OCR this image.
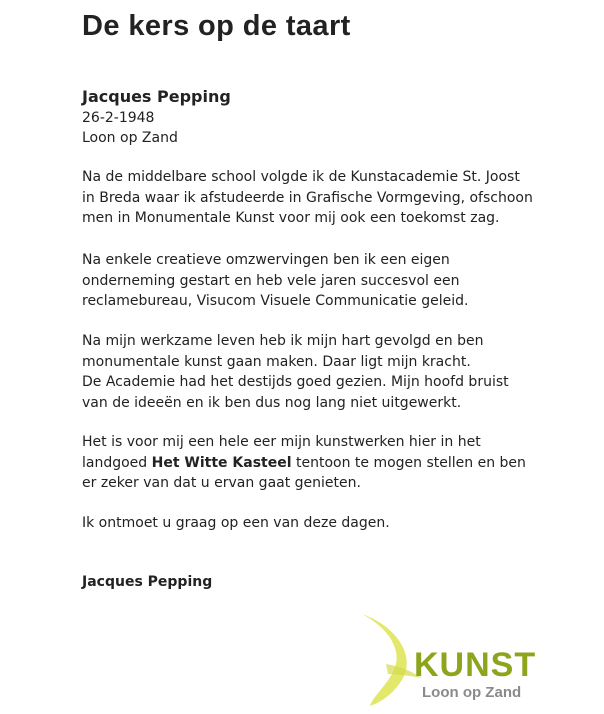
De kers op de taart
Jacques Pepping
26-2-1948
Loon op Zand

Na de middelbare school volgde ik de Kunstacademie St. Joost
in Breda waar ik afstudeerde in Grafische Vormgeving, ofschoon
men in Monumentale Kunst voor mij ook een toekomst zag.

Na enkele creatieve omzwervingen ben ik een eigen
onderneming gestart en heb vele jaren succesvol een
reclamebureau, Visucom Visuele Communicatie geleid.

Na mijn werkzame leven heb ik mijn hart gevolgd en ben
monumentale kunst gaan maken. Daar ligt mijn kracht.
De Academie had het destijds goed gezien. Mijn hoofd bruist
van de ideeën en ik ben dus nog lang niet uitgewerkt.

Het is voor mij een hele eer mijn kunstwerken hier in het
landgoed Het Witte Kasteel tentoon te mogen stellen en ben
er zeker van dat u ervan gaat genieten.

Ik ontmoet u graag op een van deze dagen.

Jacques Pepping
KUNST
Loon op Zand
